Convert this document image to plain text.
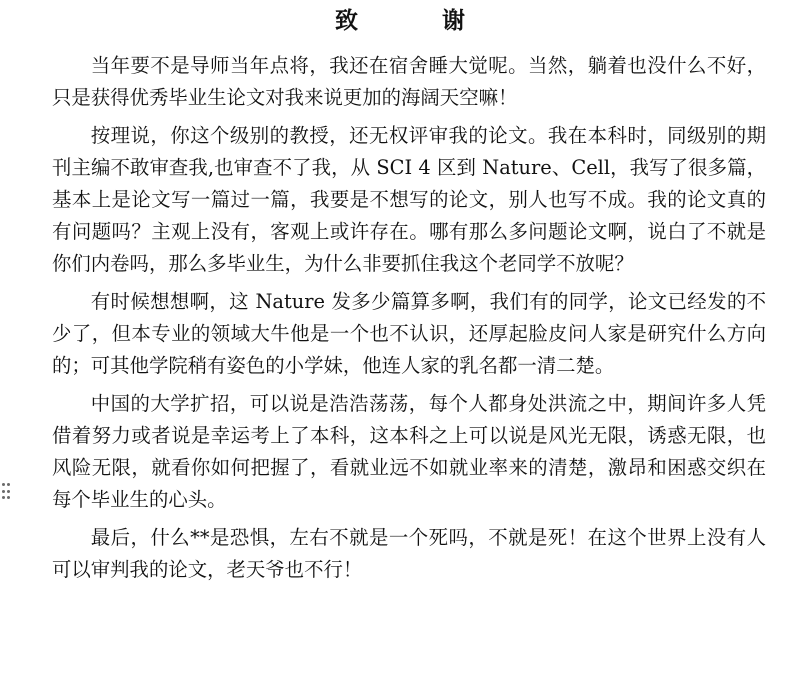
致 谢

当年要不是导师当年点将，我还在宿舍睡大觉呢。当然，躺着也没什么不好，只是获得优秀毕业生论文对我来说更加的海阔天空嘛！

按理说，你这个级别的教授，还无权评审我的论文。我在本科时，同级别的期刊主编不敢审查我,也审查不了我，从 SCI 4 区到 Nature、Cell，我写了很多篇，基本上是论文写一篇过一篇，我要是不想写的论文，别人也写不成。我的论文真的有问题吗？主观上没有，客观上或许存在。哪有那么多问题论文啊，说白了不就是你们内卷吗，那么多毕业生，为什么非要抓住我这个老同学不放呢？

有时候想想啊，这 Nature 发多少篇算多啊，我们有的同学，论文已经发的不少了，但本专业的领域大牛他是一个也不认识，还厚起脸皮问人家是研究什么方向的；可其他学院稍有姿色的小学妹，他连人家的乳名都一清二楚。

中国的大学扩招，可以说是浩浩荡荡，每个人都身处洪流之中，期间许多人凭借着努力或者说是幸运考上了本科，这本科之上可以说是风光无限，诱惑无限，也风险无限，就看你如何把握了，看就业远不如就业率来的清楚，激昂和困惑交织在每个毕业生的心头。

最后，什么**是恐惧，左右不就是一个死吗，不就是死！在这个世界上没有人可以审判我的论文，老天爷也不行！
